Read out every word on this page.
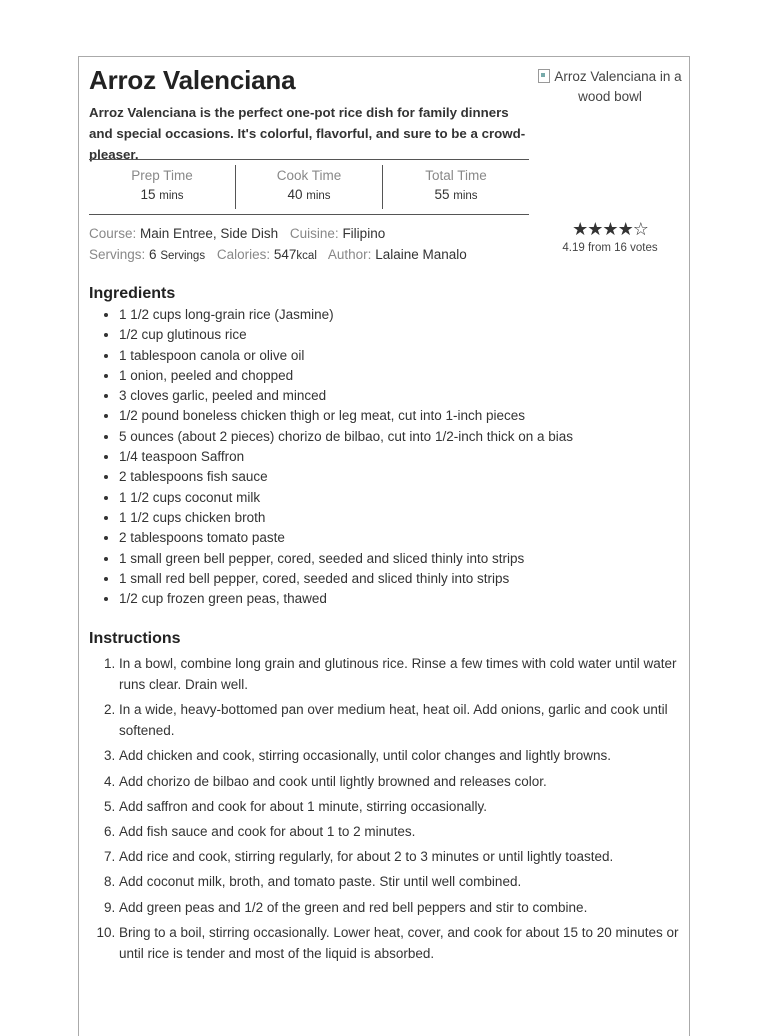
Arroz Valenciana

Arroz Valenciana is the perfect one-pot rice dish for family dinners and special occasions. It's colorful, flavorful, and sure to be a crowd-pleaser.

Arroz Valenciana in a wood bowl
Prep Time
15 mins
Cook Time
40 mins
Total Time
55 mins
Course: Main Entree, Side Dish Cuisine: Filipino
Servings: 6 Servings Calories: 547kcal Author: Lalaine Manalo
★★★★☆
4.19 from 16 votes
Ingredients
• 1 1/2 cups long-grain rice (Jasmine)
• 1/2 cup glutinous rice
• 1 tablespoon canola or olive oil
• 1 onion, peeled and chopped
• 3 cloves garlic, peeled and minced
• 1/2 pound boneless chicken thigh or leg meat, cut into 1-inch pieces
• 5 ounces (about 2 pieces) chorizo de bilbao, cut into 1/2-inch thick on a bias
• 1/4 teaspoon Saffron
• 2 tablespoons fish sauce
• 1 1/2 cups coconut milk
• 1 1/2 cups chicken broth
• 2 tablespoons tomato paste
• 1 small green bell pepper, cored, seeded and sliced thinly into strips
• 1 small red bell pepper, cored, seeded and sliced thinly into strips
• 1/2 cup frozen green peas, thawed
Instructions
1. In a bowl, combine long grain and glutinous rice. Rinse a few times with cold water until water runs clear. Drain well.
2. In a wide, heavy-bottomed pan over medium heat, heat oil. Add onions, garlic and cook until softened.
3. Add chicken and cook, stirring occasionally, until color changes and lightly browns.
4. Add chorizo de bilbao and cook until lightly browned and releases color.
5. Add saffron and cook for about 1 minute, stirring occasionally.
6. Add fish sauce and cook for about 1 to 2 minutes.
7. Add rice and cook, stirring regularly, for about 2 to 3 minutes or until lightly toasted.
8. Add coconut milk, broth, and tomato paste. Stir until well combined.
9. Add green peas and 1/2 of the green and red bell peppers and stir to combine.
10. Bring to a boil, stirring occasionally. Lower heat, cover, and cook for about 15 to 20 minutes or until rice is tender and most of the liquid is absorbed.
